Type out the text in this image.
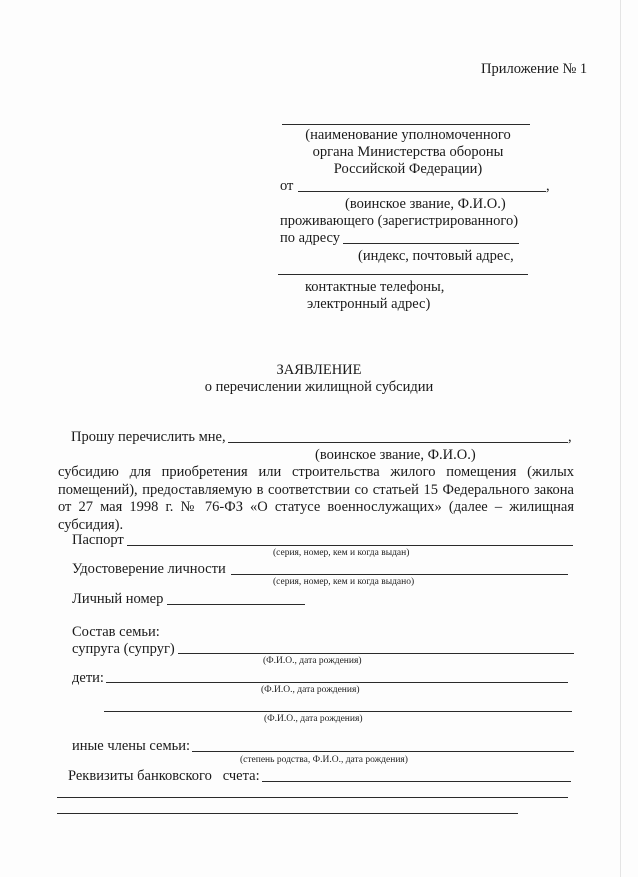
Приложение № 1
(наименование уполномоченного
органа Министерства обороны
Российской Федерации)
от	,
(воинское звание, Ф.И.О.)
проживающего (зарегистрированного)
по адресу
(индекс, почтовый адрес,
контактные телефоны,
электронный адрес)
ЗАЯВЛЕНИЕ
о перечислении жилищной субсидии
Прошу перечислить мне,	,
(воинское звание, Ф.И.О.)
субсидию для приобретения или строительства жилого помещения (жилых помещений), предоставляемую в соответствии со статьей 15 Федерального закона от 27 мая 1998 г. № 76-ФЗ «О статусе военнослужащих» (далее – жилищная субсидия).
Паспорт
(серия, номер, кем и когда выдан)
Удостоверение личности
(серия, номер, кем и когда выдано)
Личный номер
Состав семьи:
супруга (супруг)
(Ф.И.О., дата рождения)
дети:
(Ф.И.О., дата рождения)
(Ф.И.О., дата рождения)
иные члены семьи:
(степень родства, Ф.И.О., дата рождения)
Реквизиты банковского   счета:
